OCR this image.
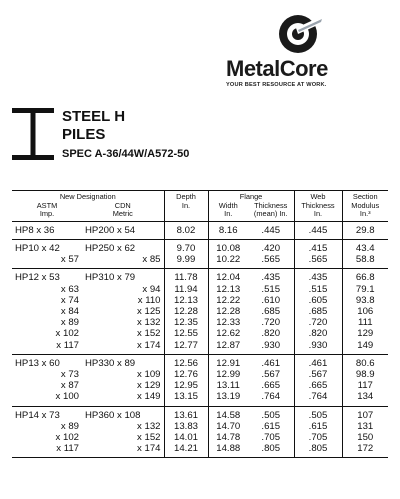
MetalCore
YOUR BEST RESOURCE AT WORK.
STEEL H
PILES
SPEC A-36/44W/A572-50
New Designation		Depth	Flange		Web	Section
ASTM	CDN	In.	Width	Thickness	Thickness	Modulus
Imp.	Metric		In.	(mean) In.	In.	In.³
HP8 x 36	HP200 x 54	8.02	8.16	.445	.445	29.8
HP10 x 42	HP250 x 62	9.70	10.08	.420	.415	43.4
x 57	x 85	9.99	10.22	.565	.565	58.8
HP12 x 53	HP310 x 79	11.78	12.04	.435	.435	66.8
x 63	x 94	11.94	12.13	.515	.515	79.1
x 74	x 110	12.13	12.22	.610	.605	93.8
x 84	x 125	12.28	12.28	.685	.685	106
x 89	x 132	12.35	12.33	.720	.720	111
x 102	x 152	12.55	12.62	.820	.820	129
x 117	x 174	12.77	12.87	.930	.930	149
HP13 x 60	HP330 x 89	12.56	12.91	.461	.461	80.6
x 73	x 109	12.76	12.99	.567	.567	98.9
x 87	x 129	12.95	13.11	.665	.665	117
x 100	x 149	13.15	13.19	.764	.764	134
HP14 x 73	HP360 x 108	13.61	14.58	.505	.505	107
x 89	x 132	13.83	14.70	.615	.615	131
x 102	x 152	14.01	14.78	.705	.705	150
x 117	x 174	14.21	14.88	.805	.805	172
